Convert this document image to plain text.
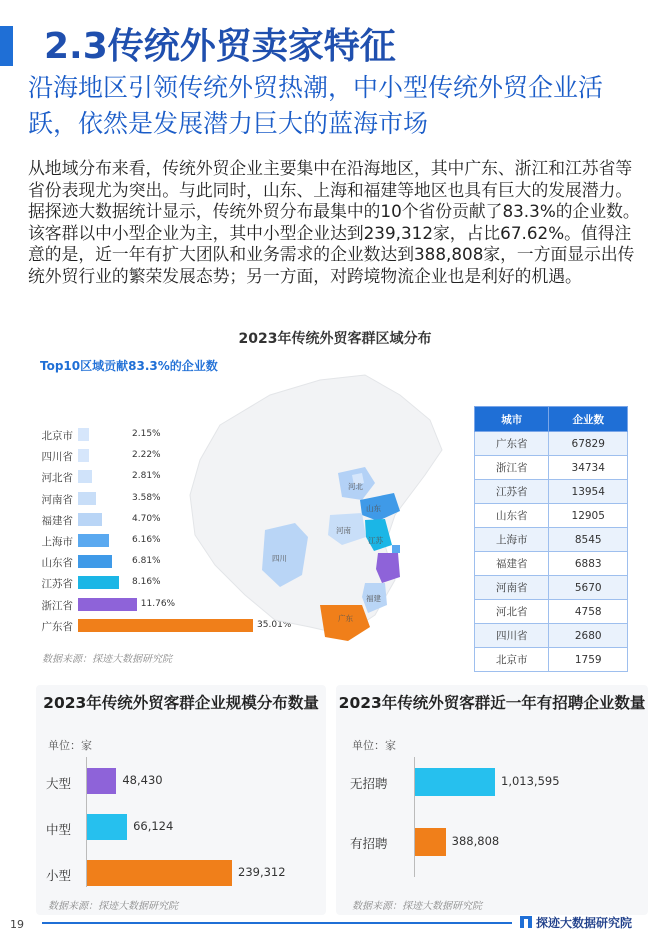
2.3传统外贸卖家特征
沿海地区引领传统外贸热潮，中小型传统外贸企业活跃，依然是发展潜力巨大的蓝海市场
从地域分布来看，传统外贸企业主要集中在沿海地区，其中广东、浙江和江苏省等省份表现尤为突出。与此同时，山东、上海和福建等地区也具有巨大的发展潜力。据探迹大数据统计显示，传统外贸分布最集中的10个省份贡献了83.3%的企业数。该客群以中小型企业为主，其中小型企业达到239,312家，占比67.62%。值得注意的是，近一年有扩大团队和业务需求的企业数达到388,808家，一方面显示出传统外贸行业的繁荣发展态势；另一方面，对跨境物流企业也是利好的机遇。
2023年传统外贸客群区域分布
Top10区域贡献83.3%的企业数
北京市	2.15%
四川省	2.22%
河北省	2.81%
河南省	3.58%
福建省	4.70%
上海市	6.16%
山东省	6.81%
江苏省	8.16%
浙江省	11.76%
广东省	35.01%
河北
山东
河南
江苏
四川
福建
广东
城市	企业数
广东省	67829
浙江省	34734
江苏省	13954
山东省	12905
上海市	8545
福建省	6883
河南省	5670
河北省	4758
四川省	2680
北京市	1759
数据来源：探迹大数据研究院
2023年传统外贸客群企业规模分布数量
单位：家
大型	48,430
中型	66,124
小型	239,312
数据来源：探迹大数据研究院
2023年传统外贸客群近一年有招聘企业数量
单位：家
无招聘	1,013,595
有招聘	388,808
数据来源：探迹大数据研究院
19	探迹大数据研究院
